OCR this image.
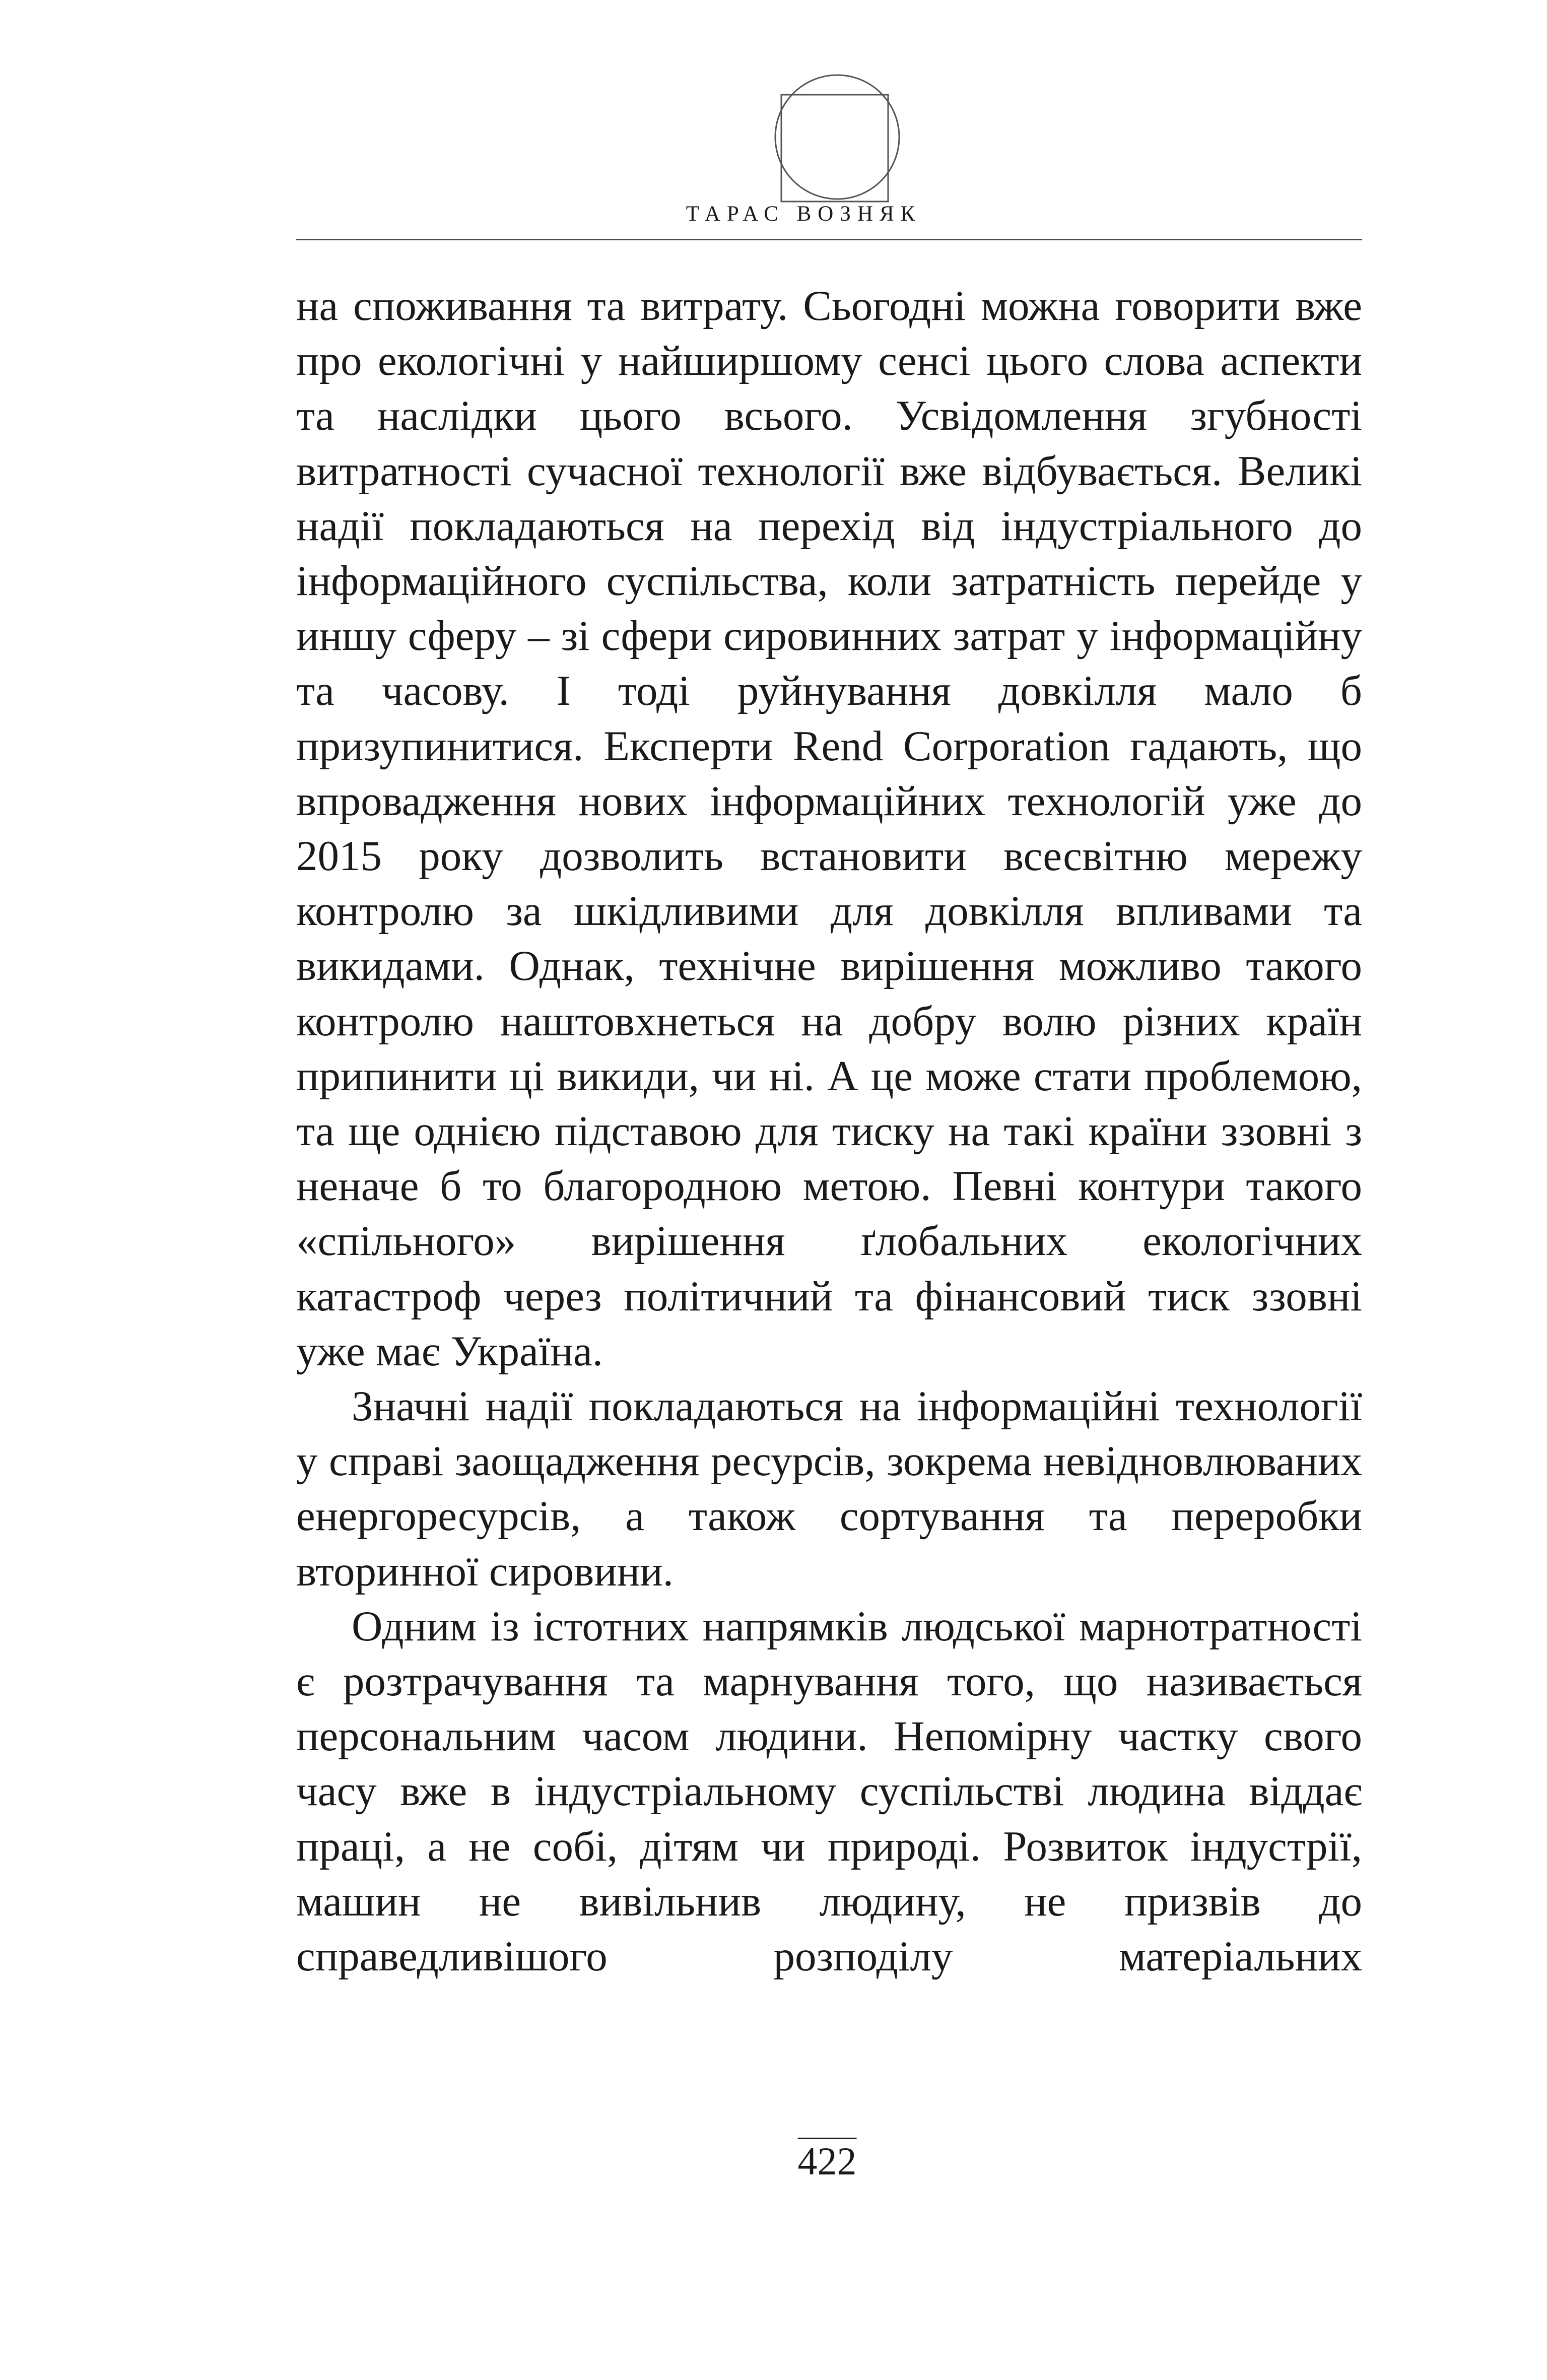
ТАРАС ВОЗНЯК

на споживання та витрату. Сьогодні можна говорити вже про екологічні у найширшому сенсі цього слова аспекти та наслідки цього всього. Усвідомлення згубності витратності сучасної технології вже відбувається. Великі надії покладаються на перехід від індустріального до інформаційного суспільства, коли затратність перейде у иншу сферу – зі сфери сировинних затрат у інформаційну та часову. І тоді руйнування довкілля мало б призупинитися. Експерти Rend Corporation гадають, що впровадження нових інформаційних технологій уже до 2015 року дозволить встановити всесвітню мережу контролю за шкідливими для довкілля впливами та викидами. Однак, технічне вирішення можливо такого контролю наштовхнеться на добру волю різних країн припинити ці викиди, чи ні. А це може стати проблемою, та ще однією підставою для тиску на такі країни ззовні з неначе б то благородною метою. Певні контури такого «спільного» вирішення ґлобальних екологічних катастроф через політичний та фінансовий тиск ззовні уже має Україна.

Значні надії покладаються на інформаційні технології у справі заощадження ресурсів, зокрема невідновлюваних енергоресурсів, а також сортування та переробки вторинної сировини.

Одним із істотних напрямків людської марнотратності є розтрачування та марнування того, що називається персональним часом людини. Непомірну частку свого часу вже в індустріальному суспільстві людина віддає праці, а не собі, дітям чи природі. Розвиток індустрії, машин не вивільнив людину, не призвів до справедливішого розподілу матеріальних

422
